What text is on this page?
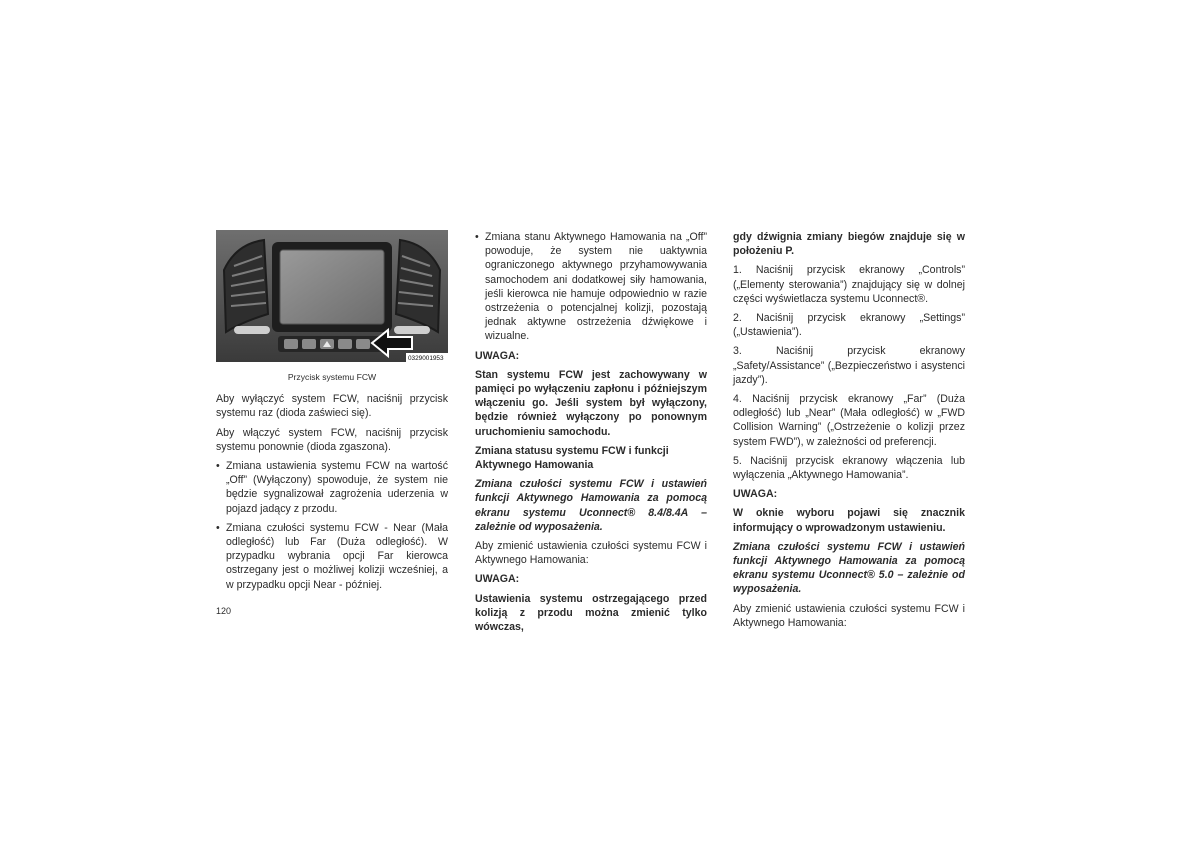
0329001953

Przycisk systemu FCW

Aby wyłączyć system FCW, naciśnij przycisk systemu raz (dioda zaświeci się).

Aby włączyć system FCW, naciśnij przycisk systemu ponownie (dioda zgaszona).

• Zmiana ustawienia systemu FCW na wartość „Off” (Wyłączony) spowoduje, że system nie będzie sygnalizował zagrożenia uderzenia w pojazd jadący z przodu.
• Zmiana czułości systemu FCW - Near (Mała odległość) lub Far (Duża odległość). W przypadku wybrania opcji Far kierowca ostrzegany jest o możliwej kolizji wcześniej, a w przypadku opcji Near - później.
• Zmiana stanu Aktywnego Hamowania na „Off” powoduje, że system nie uaktywnia ograniczonego aktywnego przyhamowywania samochodem ani dodatkowej siły hamowania, jeśli kierowca nie hamuje odpowiednio w razie ostrzeżenia o potencjalnej kolizji, pozostają jednak aktywne ostrzeżenia dźwiękowe i wizualne.

UWAGA:

Stan systemu FCW jest zachowywany w pamięci po wyłączeniu zapłonu i późniejszym włączeniu go. Jeśli system był wyłączony, będzie również wyłączony po ponownym uruchomieniu samochodu.

Zmiana statusu systemu FCW i funkcji Aktywnego Hamowania

Zmiana czułości systemu FCW i ustawień funkcji Aktywnego Hamowania za pomocą ekranu systemu Uconnect® 8.4/8.4A – zależnie od wyposażenia.

Aby zmienić ustawienia czułości systemu FCW i Aktywnego Hamowania:

UWAGA:

Ustawienia systemu ostrzegającego przed kolizją z przodu można zmienić tylko wówczas,

gdy dźwignia zmiany biegów znajduje się w położeniu P.

1. Naciśnij przycisk ekranowy „Controls” („Elementy sterowania”) znajdujący się w dolnej części wyświetlacza systemu Uconnect®.

2. Naciśnij przycisk ekranowy „Settings” („Ustawienia”).

3. Naciśnij przycisk ekranowy „Safety/Assistance” („Bezpieczeństwo i asystenci jazdy”).

4. Naciśnij przycisk ekranowy „Far” (Duża odległość) lub „Near” (Mała odległość) w „FWD Collision Warning” („Ostrzeżenie o kolizji przez system FWD”), w zależności od preferencji.

5. Naciśnij przycisk ekranowy włączenia lub wyłączenia „Aktywnego Hamowania”.

UWAGA:

W oknie wyboru pojawi się znacznik informujący o wprowadzonym ustawieniu.

Zmiana czułości systemu FCW i ustawień funkcji Aktywnego Hamowania za pomocą ekranu systemu Uconnect® 5.0 – zależnie od wyposażenia.

Aby zmienić ustawienia czułości systemu FCW i Aktywnego Hamowania:

120
